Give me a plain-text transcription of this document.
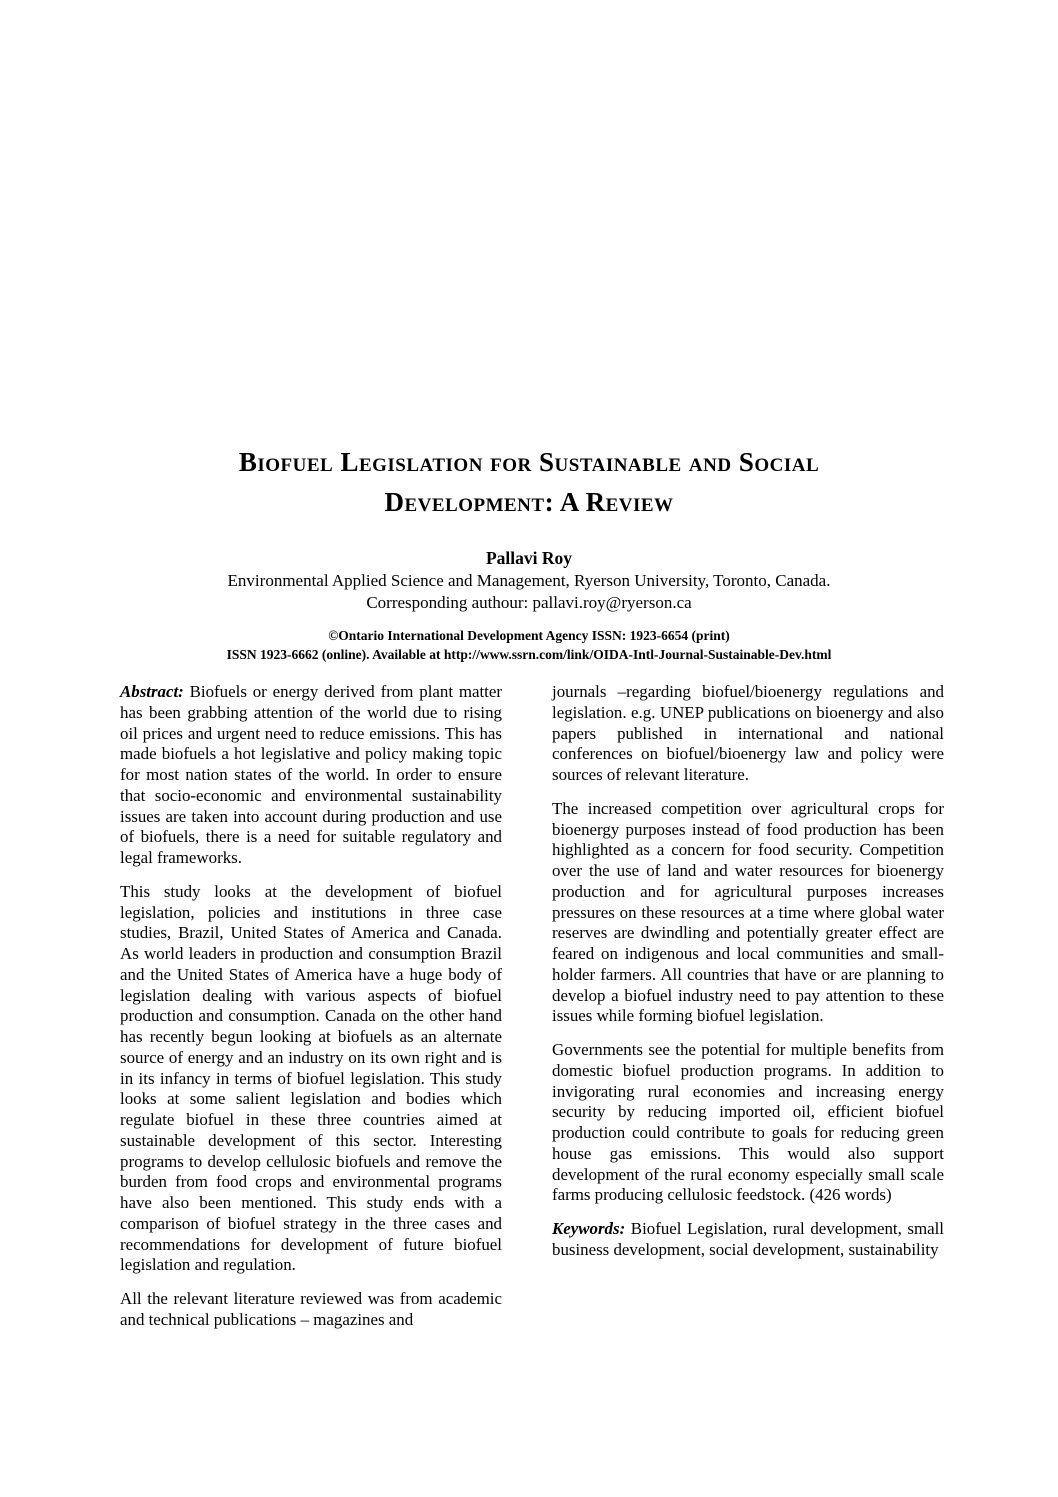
Biofuel Legislation for Sustainable and Social
Development: A Review
Pallavi Roy
Environmental Applied Science and Management, Ryerson University, Toronto, Canada.
Corresponding authour: pallavi.roy@ryerson.ca
©Ontario International Development Agency ISSN: 1923-6654 (print)
ISSN 1923-6662 (online). Available at http://www.ssrn.com/link/OIDA-Intl-Journal-Sustainable-Dev.html

Abstract: Biofuels or energy derived from plant matter has been grabbing attention of the world due to rising oil prices and urgent need to reduce emissions. This has made biofuels a hot legislative and policy making topic for most nation states of the world. In order to ensure that socio-economic and environmental sustainability issues are taken into account during production and use of biofuels, there is a need for suitable regulatory and legal frameworks.

This study looks at the development of biofuel legislation, policies and institutions in three case studies, Brazil, United States of America and Canada. As world leaders in production and consumption Brazil and the United States of America have a huge body of legislation dealing with various aspects of biofuel production and consumption. Canada on the other hand has recently begun looking at biofuels as an alternate source of energy and an industry on its own right and is in its infancy in terms of biofuel legislation. This study looks at some salient legislation and bodies which regulate biofuel in these three countries aimed at sustainable development of this sector. Interesting programs to develop cellulosic biofuels and remove the burden from food crops and environmental programs have also been mentioned. This study ends with a comparison of biofuel strategy in the three cases and recommendations for development of future biofuel legislation and regulation.

All the relevant literature reviewed was from academic and technical publications – magazines and

journals –regarding biofuel/bioenergy regulations and legislation. e.g. UNEP publications on bioenergy and also papers published in international and national conferences on biofuel/bioenergy law and policy were sources of relevant literature.

The increased competition over agricultural crops for bioenergy purposes instead of food production has been highlighted as a concern for food security. Competition over the use of land and water resources for bioenergy production and for agricultural purposes increases pressures on these resources at a time where global water reserves are dwindling and potentially greater effect are feared on indigenous and local communities and small-holder farmers. All countries that have or are planning to develop a biofuel industry need to pay attention to these issues while forming biofuel legislation.

Governments see the potential for multiple benefits from domestic biofuel production programs. In addition to invigorating rural economies and increasing energy security by reducing imported oil, efficient biofuel production could contribute to goals for reducing green house gas emissions. This would also support development of the rural economy especially small scale farms producing cellulosic feedstock. (426 words)

Keywords: Biofuel Legislation, rural development, small business development, social development, sustainability
